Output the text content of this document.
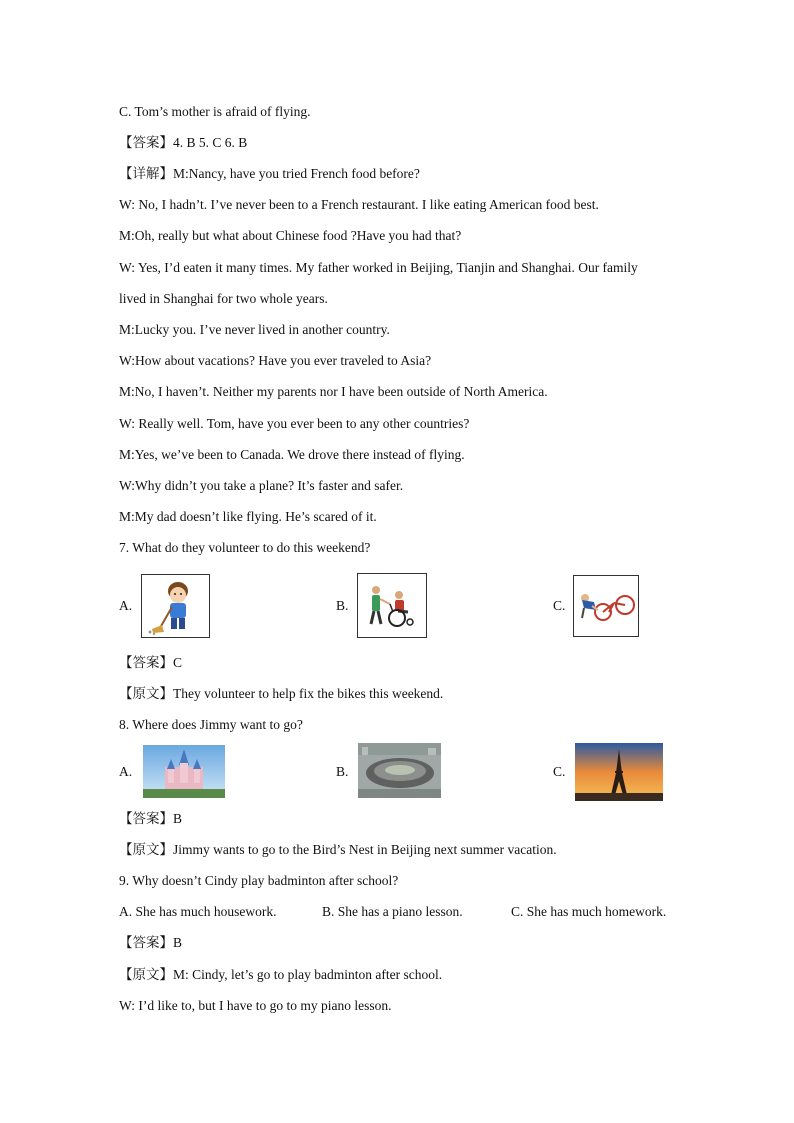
C. Tom’s mother is afraid of flying.
【答案】4. B 5. C 6. B
【详解】M:Nancy, have you tried French food before?
W: No, I hadn’t. I’ve never been to a French restaurant. I like eating American food best.
M:Oh, really but what about Chinese food ?Have you had that?
W: Yes, I’d eaten it many times. My father worked in Beijing, Tianjin and Shanghai. Our family
lived in Shanghai for two whole years.
M:Lucky you. I’ve never lived in another country.
W:How about vacations? Have you ever traveled to Asia?
M:No, I haven’t. Neither my parents nor I have been outside of North America.
W: Really well. Tom, have you ever been to any other countries?
M:Yes, we’ve been to Canada. We drove there instead of flying.
W:Why didn’t you take a plane? It’s faster and safer.
M:My dad doesn’t like flying. He’s scared of it.
7. What do they volunteer to do this weekend?
A.	B.	C.
【答案】C
【原文】They volunteer to help fix the bikes this weekend.
8. Where does Jimmy want to go?
A.	B.	C.
【答案】B
【原文】Jimmy wants to go to the Bird’s Nest in Beijing next summer vacation.
9. Why doesn’t Cindy play badminton after school?
A. She has much housework.	B. She has a piano lesson.	C. She has much homework.
【答案】B
【原文】M: Cindy, let’s go to play badminton after school.
W: I’d like to, but I have to go to my piano lesson.
